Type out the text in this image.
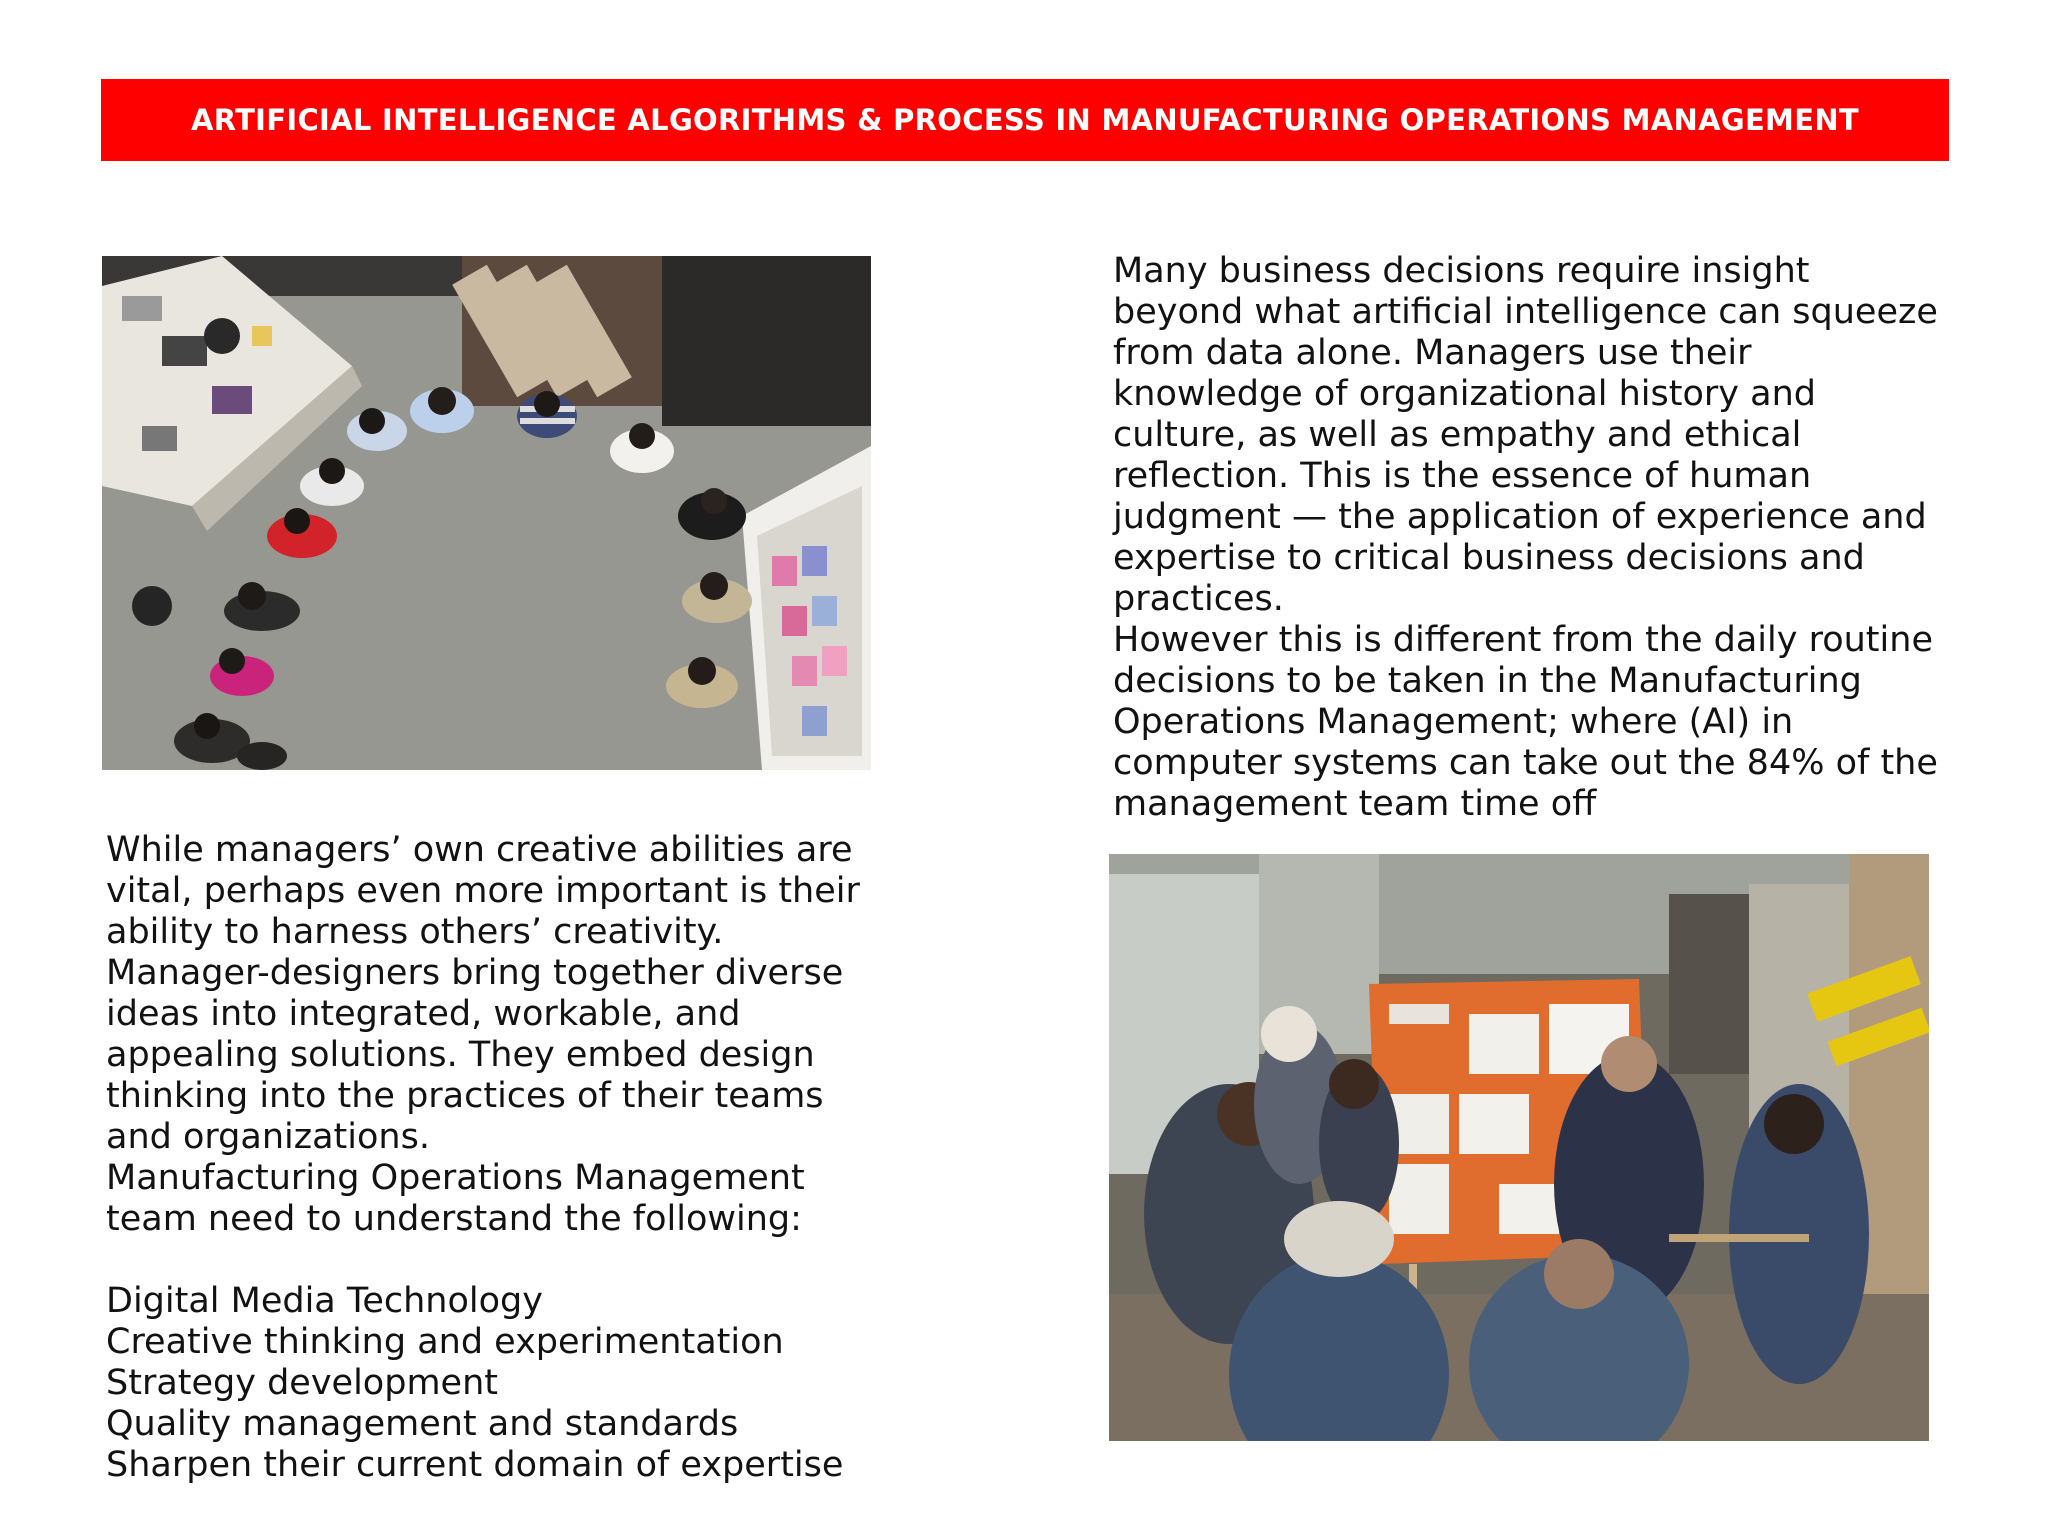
ARTIFICIAL INTELLIGENCE ALGORITHMS & PROCESS IN MANUFACTURING OPERATIONS MANAGEMENT

Many business decisions require insight beyond what artificial intelligence can squeeze from data alone. Managers use their knowledge of organizational history and culture, as well as empathy and ethical reflection. This is the essence of human judgment — the application of experience and expertise to critical business decisions and practices.

However this is different from the daily routine decisions to be taken in the Manufacturing Operations Management; where (AI) in computer systems can take out the 84% of the management team time off

While managers’ own creative abilities are vital, perhaps even more important is their ability to harness others’ creativity. Manager-designers bring together diverse ideas into integrated, workable, and appealing solutions. They embed design thinking into the practices of their teams and organizations.

Manufacturing Operations Management team need to understand the following:

Digital Media Technology
Creative thinking and experimentation
Strategy development
Quality management and standards
Sharpen their current domain of expertise
